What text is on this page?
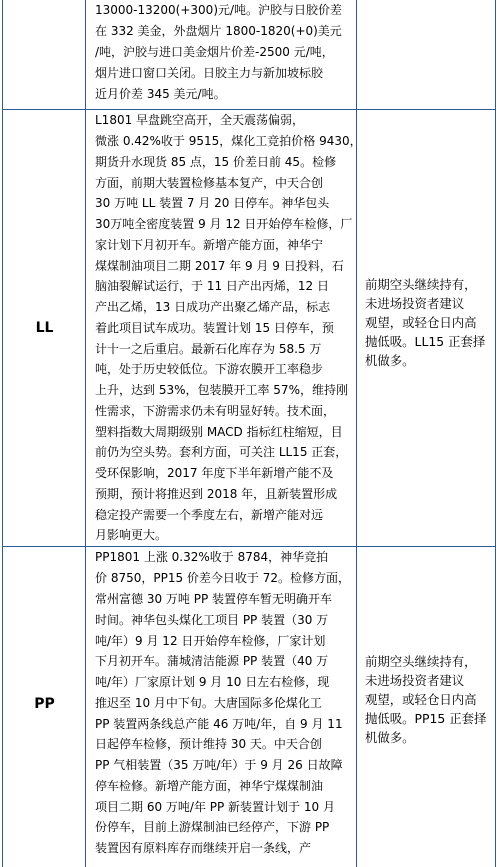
13000-13200(+300)元/吨。沪胶与日胶价差
在 332 美金，外盘烟片 1800-1820(+0)美元
/吨，沪胶与进口美金烟片价差-2500 元/吨，
烟片进口窗口关闭。日胶主力与新加坡标胶
近月价差 345 美元/吨。
LL
L1801 早盘跳空高开，全天震荡偏弱，
微涨 0.42%收于 9515，煤化工竞拍价格 9430，
期货升水现货 85 点，15 价差日前 45。检修
方面，前期大装置检修基本复产，中天合创
30 万吨 LL 装置 7 月 20 日停车。神华包头
30万吨全密度装置 9 月 12 日开始停车检修，厂
家计划下月初开车。新增产能方面，神华宁
煤煤制油项目二期 2017 年 9 月 9 日投料，石
脑油裂解试运行，于 11 日产出丙烯，12 日
产出乙烯，13 日成功产出聚乙烯产品，标志
着此项目试车成功。装置计划 15 日停车，预
计十一之后重启。最新石化库存为 58.5 万
吨，处于历史较低位。下游农膜开工率稳步
上升，达到 53%，包装膜开工率 57%，维持刚
性需求，下游需求仍未有明显好转。技术面，
塑料指数大周期级别 MACD 指标红柱缩短，目
前仍为空头势。套利方面，可关注 LL15 正套，
受环保影响，2017 年度下半年新增产能不及
预期，预计将推迟到 2018 年，且新装置形成
稳定投产需要一个季度左右，新增产能对远
月影响更大。
前期空头继续持有，
未进场投资者建议
观望，或轻仓日内高
抛低吸。LL15 正套择
机做多。
PP
PP1801 上涨 0.32%收于 8784，神华竞拍
价 8750，PP15 价差今日收于 72。检修方面，
常州富德 30 万吨 PP 装置停车暂无明确开车
时间。神华包头煤化工项目 PP 装置（30 万
吨/年）9 月 12 日开始停车检修，厂家计划
下月初开车。蒲城清洁能源 PP 装置（40 万
吨/年）厂家原计划 9 月 10 日左右检修，现
推迟至 10 月中下旬。大唐国际多伦煤化工
PP 装置两条线总产能 46 万吨/年，自 9 月 11
日起停车检修，预计维持 30 天。中天合创
PP 气相装置（35 万吨/年）于 9 月 26 日故障
停车检修。新增产能方面，神华宁煤煤制油
项目二期 60 万吨/年 PP 新装置计划于 10 月
份停车，目前上游煤制油已经停产，下游 PP
装置因有原料库存而继续开启一条线，产
前期空头继续持有，
未进场投资者建议
观望，或轻仓日内高
抛低吸。PP15 正套择
机做多。
